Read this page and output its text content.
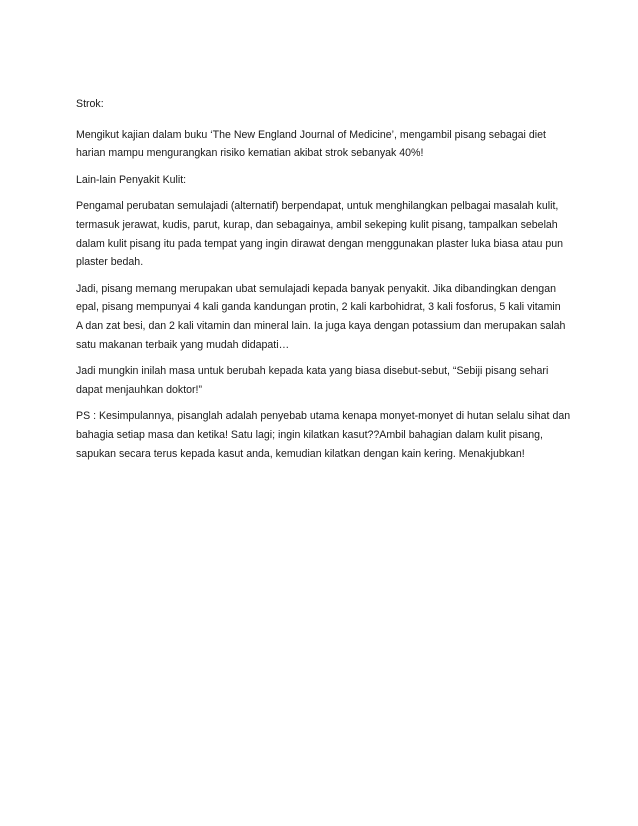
Strok:

Mengikut kajian dalam buku ‘The New England Journal of Medicine’, mengambil pisang sebagai diet
harian mampu mengurangkan risiko kematian akibat strok sebanyak 40%!

Lain-lain Penyakit Kulit:

Pengamal perubatan semulajadi (alternatif) berpendapat, untuk menghilangkan pelbagai masalah kulit,
termasuk jerawat, kudis, parut, kurap, dan sebagainya, ambil sekeping kulit pisang, tampalkan sebelah
dalam kulit pisang itu pada tempat yang ingin dirawat dengan menggunakan plaster luka biasa atau pun
plaster bedah.

Jadi, pisang memang merupakan ubat semulajadi kepada banyak penyakit. Jika dibandingkan dengan
epal, pisang mempunyai 4 kali ganda kandungan protin, 2 kali karbohidrat, 3 kali fosforus, 5 kali vitamin
A dan zat besi, dan 2 kali vitamin dan mineral lain. Ia juga kaya dengan potassium dan merupakan salah
satu makanan terbaik yang mudah didapati…

Jadi mungkin inilah masa untuk berubah kepada kata yang biasa disebut-sebut, “Sebiji pisang sehari
dapat menjauhkan doktor!”

PS : Kesimpulannya, pisanglah adalah penyebab utama kenapa monyet-monyet di hutan selalu sihat dan
bahagia setiap masa dan ketika! Satu lagi; ingin kilatkan kasut??Ambil bahagian dalam kulit pisang,
sapukan secara terus kepada kasut anda, kemudian kilatkan dengan kain kering. Menakjubkan!
